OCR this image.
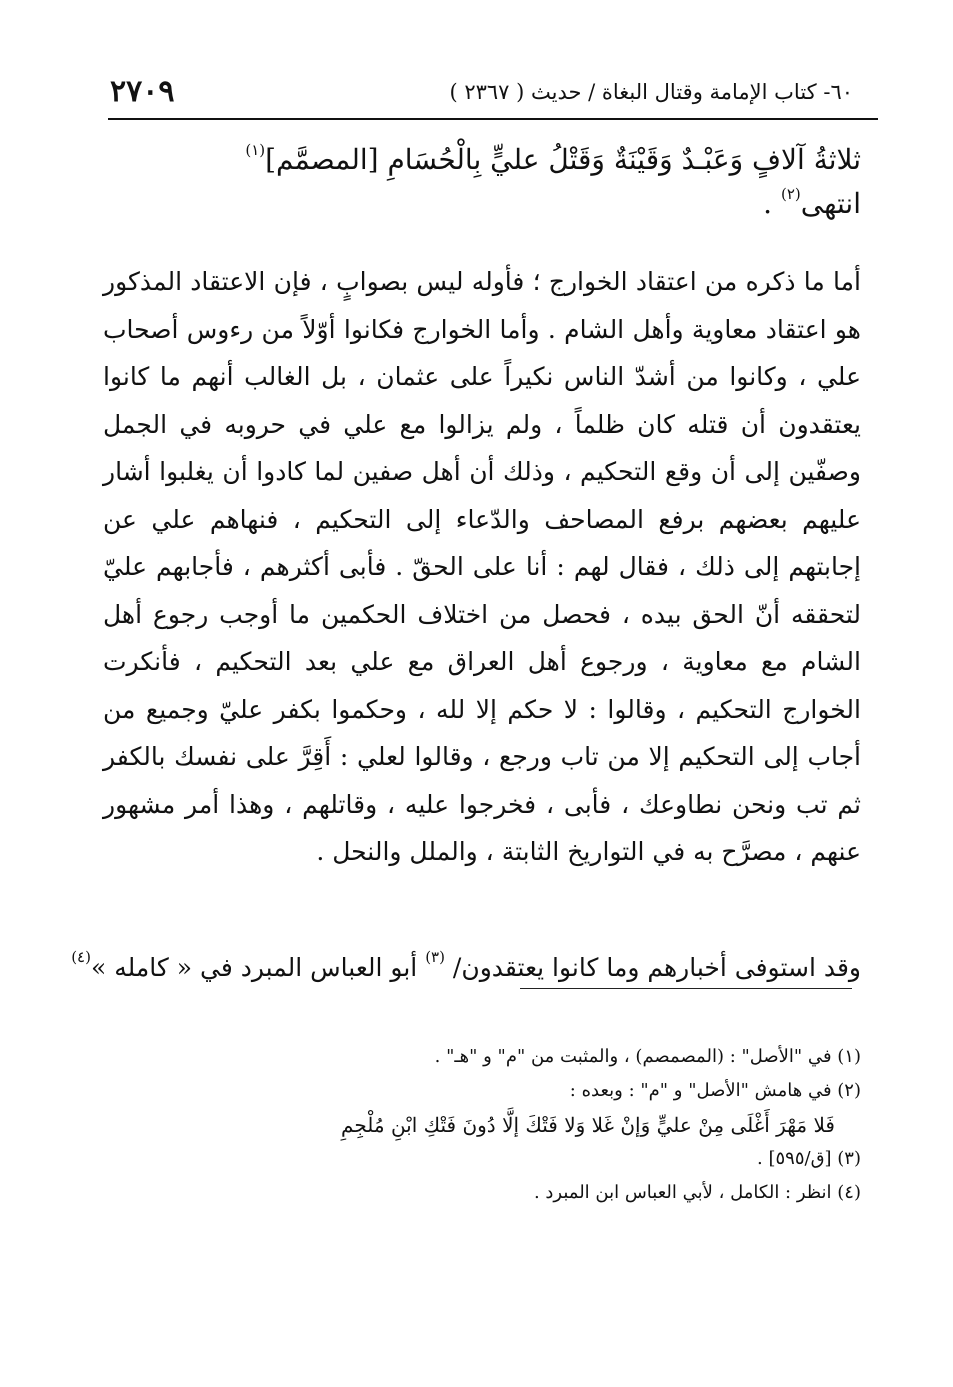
٢٧٠٩	٦٠- كتاب الإمامة وقتال البغاة / حديث ( ٢٣٦٧ )
ثلاثةُ آلافٍ وَعَبْـدٌ وَقَيْنَةٌ وَقَتْلُ عليٍّ بِالْحُسَامِ [المصمَّم]$^{(١)}$
انتهى$^{(٢)}$ .

أما ما ذكره من اعتقاد الخوارج ؛ فأوله ليس بصوابٍ ، فإن الاعتقاد المذكور هو اعتقاد معاوية وأهل الشام . وأما الخوارج فكانوا أوّلاً من رءوس أصحاب علي ، وكانوا من أشدّ الناس نكيراً على عثمان ، بل الغالب أنهم ما كانوا يعتقدون أن قتله كان ظلماً ، ولم يزالوا مع علي في حروبه في الجمل وصفّين إلى أن وقع التحكيم ، وذلك أن أهل صفين لما كادوا أن يغلبوا أشار عليهم بعضهم برفع المصاحف والدّعاء إلى التحكيم ، فنهاهم علي عن إجابتهم إلى ذلك ، فقال لهم : أنا على الحقّ . فأبى أكثرهم ، فأجابهم عليّ لتحققه أنّ الحق بيده ، فحصل من اختلاف الحكمين ما أوجب رجوع أهل الشام مع معاوية ، ورجوع أهل العراق مع علي بعد التحكيم ، فأنكرت الخوارج التحكيم ، وقالوا : لا حكم إلا لله ، وحكموا بكفر عليّ وجميع من أجاب إلى التحكيم إلا من تاب ورجع ، وقالوا لعلي : أَقِرَّ على نفسك بالكفر ثم تب ونحن نطاوعك ، فأبى ، فخرجوا عليه ، وقاتلهم ، وهذا أمر مشهور عنهم ، مصرَّح به في التواريخ الثابتة ، والملل والنحل .

وقد استوفى أخبارهم وما كانوا يعتقدون/ $^{(٣)}$ أبو العباس المبرد في « كامله »$^{(٤)}$
(١) في "الأصل" : (المصمصم) ، والمثبت من "م" و "هـ" .
(٢) في هامش "الأصل" و "م" : وبعده :
فَلا مَهْرَ أَغْلَى مِنْ عليٍّ وَإنْ غَلا وَلا فَتْكَ إلَّا دُونَ فَتْكِ ابْنِ مُلْجِمِ
(٣) [ق/٥٩٥] .
(٤) انظر : الكامل ، لأبي العباس ابن المبرد .
